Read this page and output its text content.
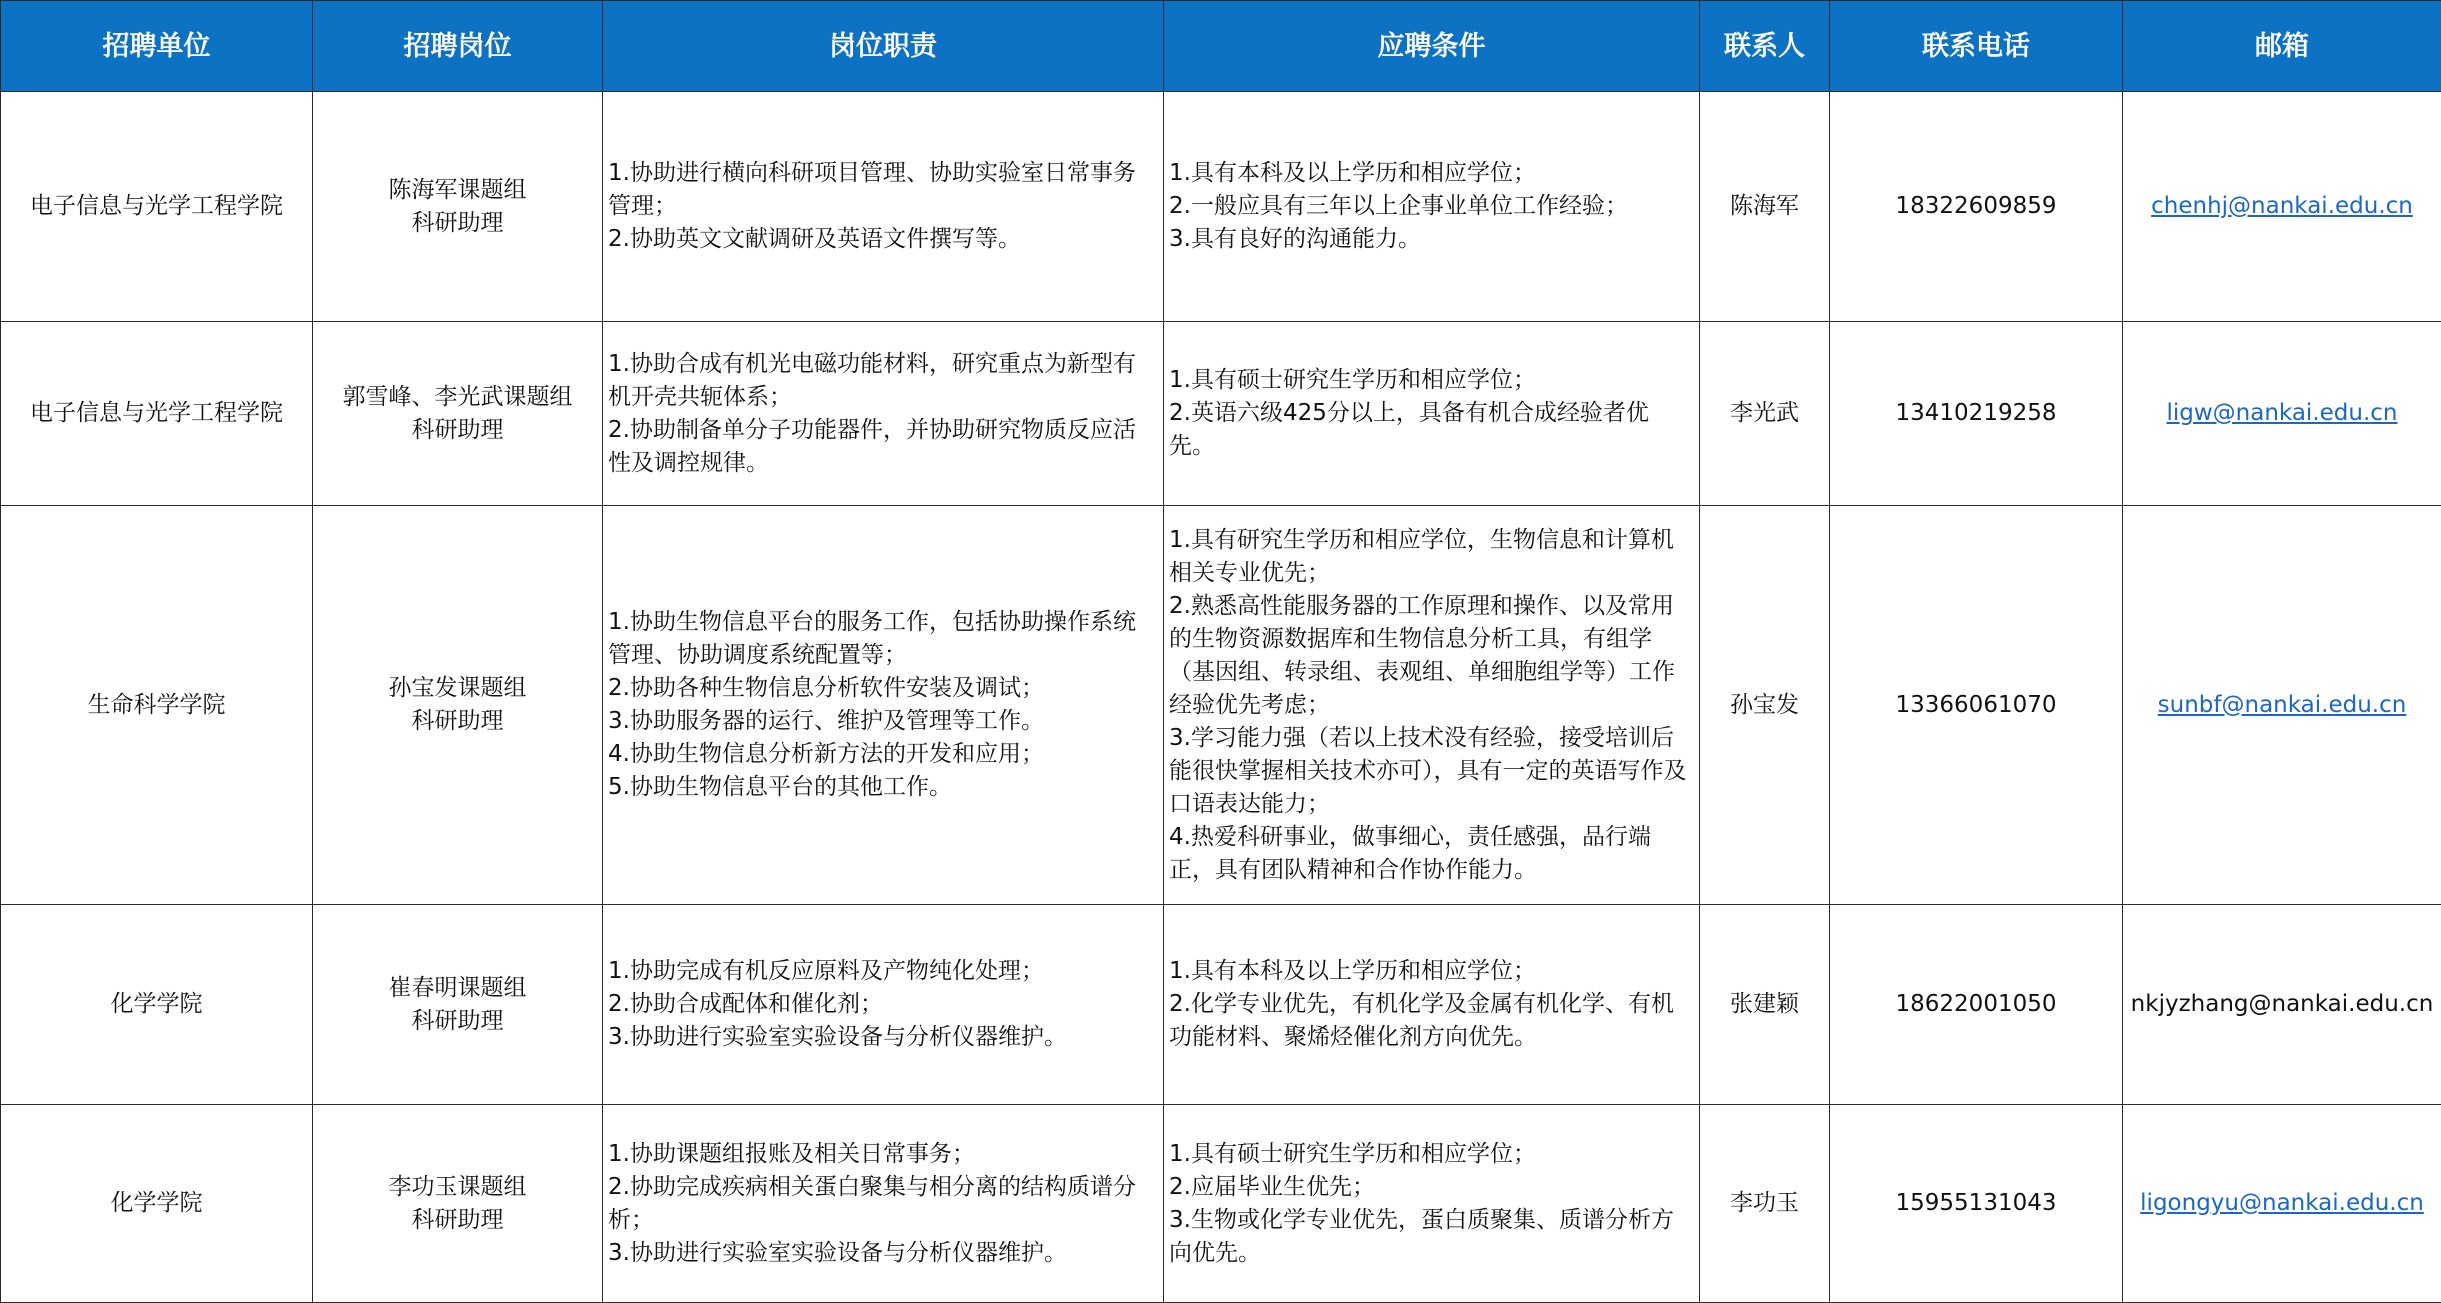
招聘单位	招聘岗位	岗位职责	应聘条件	联系人	联系电话	邮箱
电子信息与光学工程学院	陈海军课题组
科研助理	1.协助进行横向科研项目管理、协助实验室日常事务管理；
2.协助英文文献调研及英语文件撰写等。	1.具有本科及以上学历和相应学位；
2.一般应具有三年以上企事业单位工作经验；
3.具有良好的沟通能力。	陈海军	18322609859	chenhj@nankai.edu.cn
电子信息与光学工程学院	郭雪峰、李光武课题组
科研助理	1.协助合成有机光电磁功能材料，研究重点为新型有机开壳共轭体系；
2.协助制备单分子功能器件，并协助研究物质反应活性及调控规律。	1.具有硕士研究生学历和相应学位；
2.英语六级425分以上，具备有机合成经验者优先。	李光武	13410219258	ligw@nankai.edu.cn
生命科学学院	孙宝发课题组
科研助理	1.协助生物信息平台的服务工作，包括协助操作系统管理、协助调度系统配置等；
2.协助各种生物信息分析软件安装及调试；
3.协助服务器的运行、维护及管理等工作。
4.协助生物信息分析新方法的开发和应用；
5.协助生物信息平台的其他工作。	1.具有研究生学历和相应学位，生物信息和计算机相关专业优先；
2.熟悉高性能服务器的工作原理和操作、以及常用的生物资源数据库和生物信息分析工具，有组学（基因组、转录组、表观组、单细胞组学等）工作经验优先考虑；
3.学习能力强（若以上技术没有经验，接受培训后能很快掌握相关技术亦可），具有一定的英语写作及口语表达能力；
4.热爱科研事业，做事细心，责任感强，品行端正，具有团队精神和合作协作能力。	孙宝发	13366061070	sunbf@nankai.edu.cn
化学学院	崔春明课题组
科研助理	1.协助完成有机反应原料及产物纯化处理；
2.协助合成配体和催化剂；
3.协助进行实验室实验设备与分析仪器维护。	1.具有本科及以上学历和相应学位；
2.化学专业优先，有机化学及金属有机化学、有机功能材料、聚烯烃催化剂方向优先。	张建颖	18622001050	nkjyzhang@nankai.edu.cn

化学学院	李功玉课题组
科研助理	1.协助课题组报账及相关日常事务；
2.协助完成疾病相关蛋白聚集与相分离的结构质谱分析；
3.协助进行实验室实验设备与分析仪器维护。	1.具有硕士研究生学历和相应学位；
2.应届毕业生优先；
3.生物或化学专业优先，蛋白质聚集、质谱分析方向优先。	李功玉	15955131043	ligongyu@nankai.edu.cn
